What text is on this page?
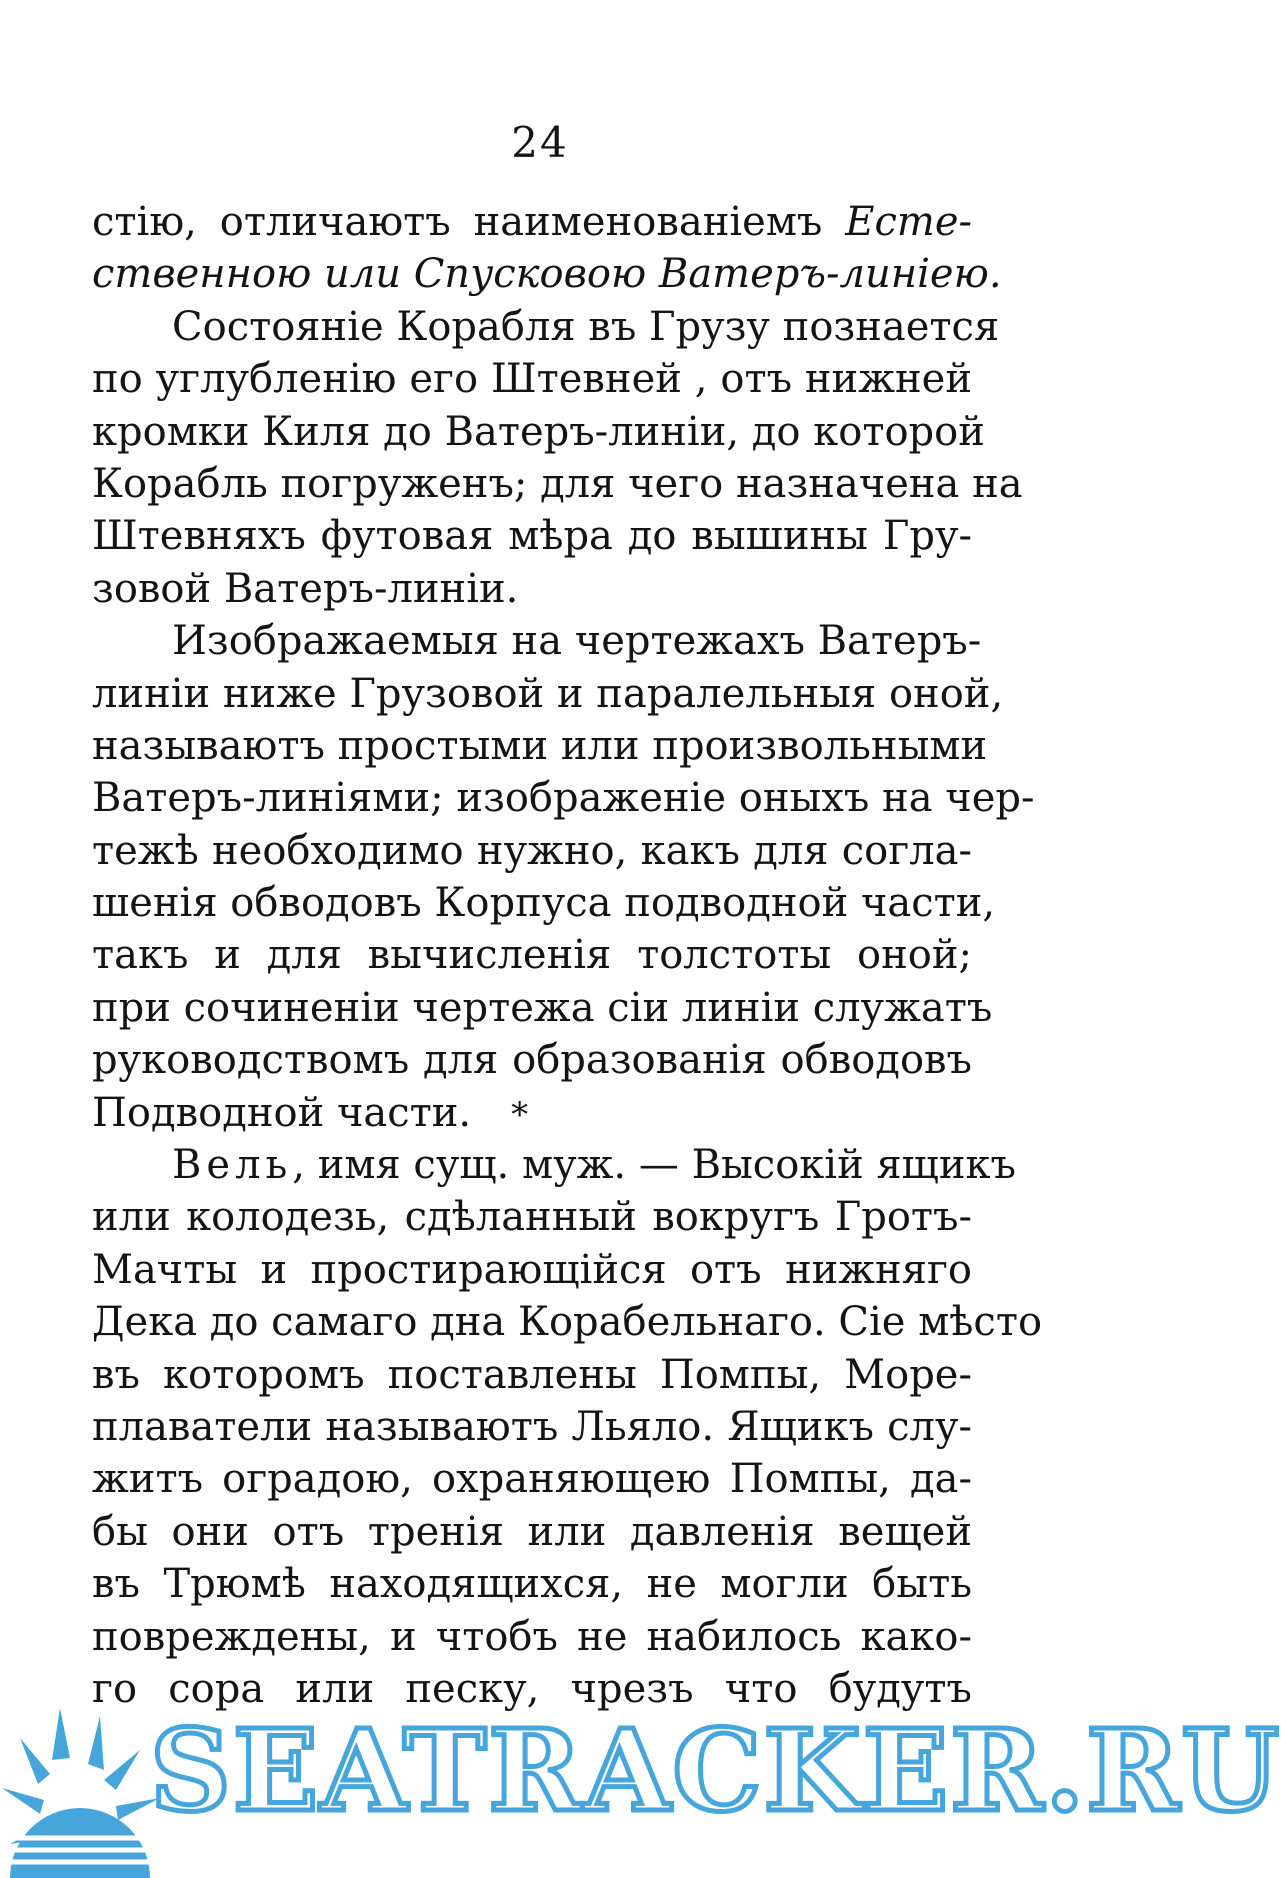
24
стію, отличаютъ наименованіемъ Есте-
ственною или Спусковою Ватеръ-линіею.
Состояніе Корабля въ Грузу познается
по углубленію его Штевней , отъ нижней
кромки Киля до Ватеръ-линіи, до которой
Корабль погруженъ; для чего назначена на
Штевняхъ футовая мѣра до вышины Гру-
зовой Ватеръ-линіи.
Изображаемыя на чертежахъ Ватеръ-
линіи ниже Грузовой и паралельныя оной,
называютъ простыми или произвольными
Ватеръ-линіями; изображеніе оныхъ на чер-
тежѣ необходимо нужно, какъ для согла-
шенія обводовъ Корпуса подводной части,
такъ и для вычисленія толстоты оной;
при сочиненіи чертежа сіи линіи служатъ
руководствомъ для образованія обводовъ
Подводной части. *
Вель, имя сущ. муж. — Высокій ящикъ
или колодезь, сдѣланный вокругъ Гротъ-
Мачты и простирающійся отъ нижняго
Дека до самаго дна Корабельнаго. Сіе мѣсто
въ которомъ поставлены Помпы, Море-
плаватели называютъ Льяло. Ящикъ слу-
житъ оградою, охраняющею Помпы, да-
бы они отъ тренія или давленія вещей
въ Трюмѣ находящихся, не могли быть
повреждены, и чтобъ не набилось како-
го сора или песку, чрезъ что будутъ
SEATRACKER.RU
